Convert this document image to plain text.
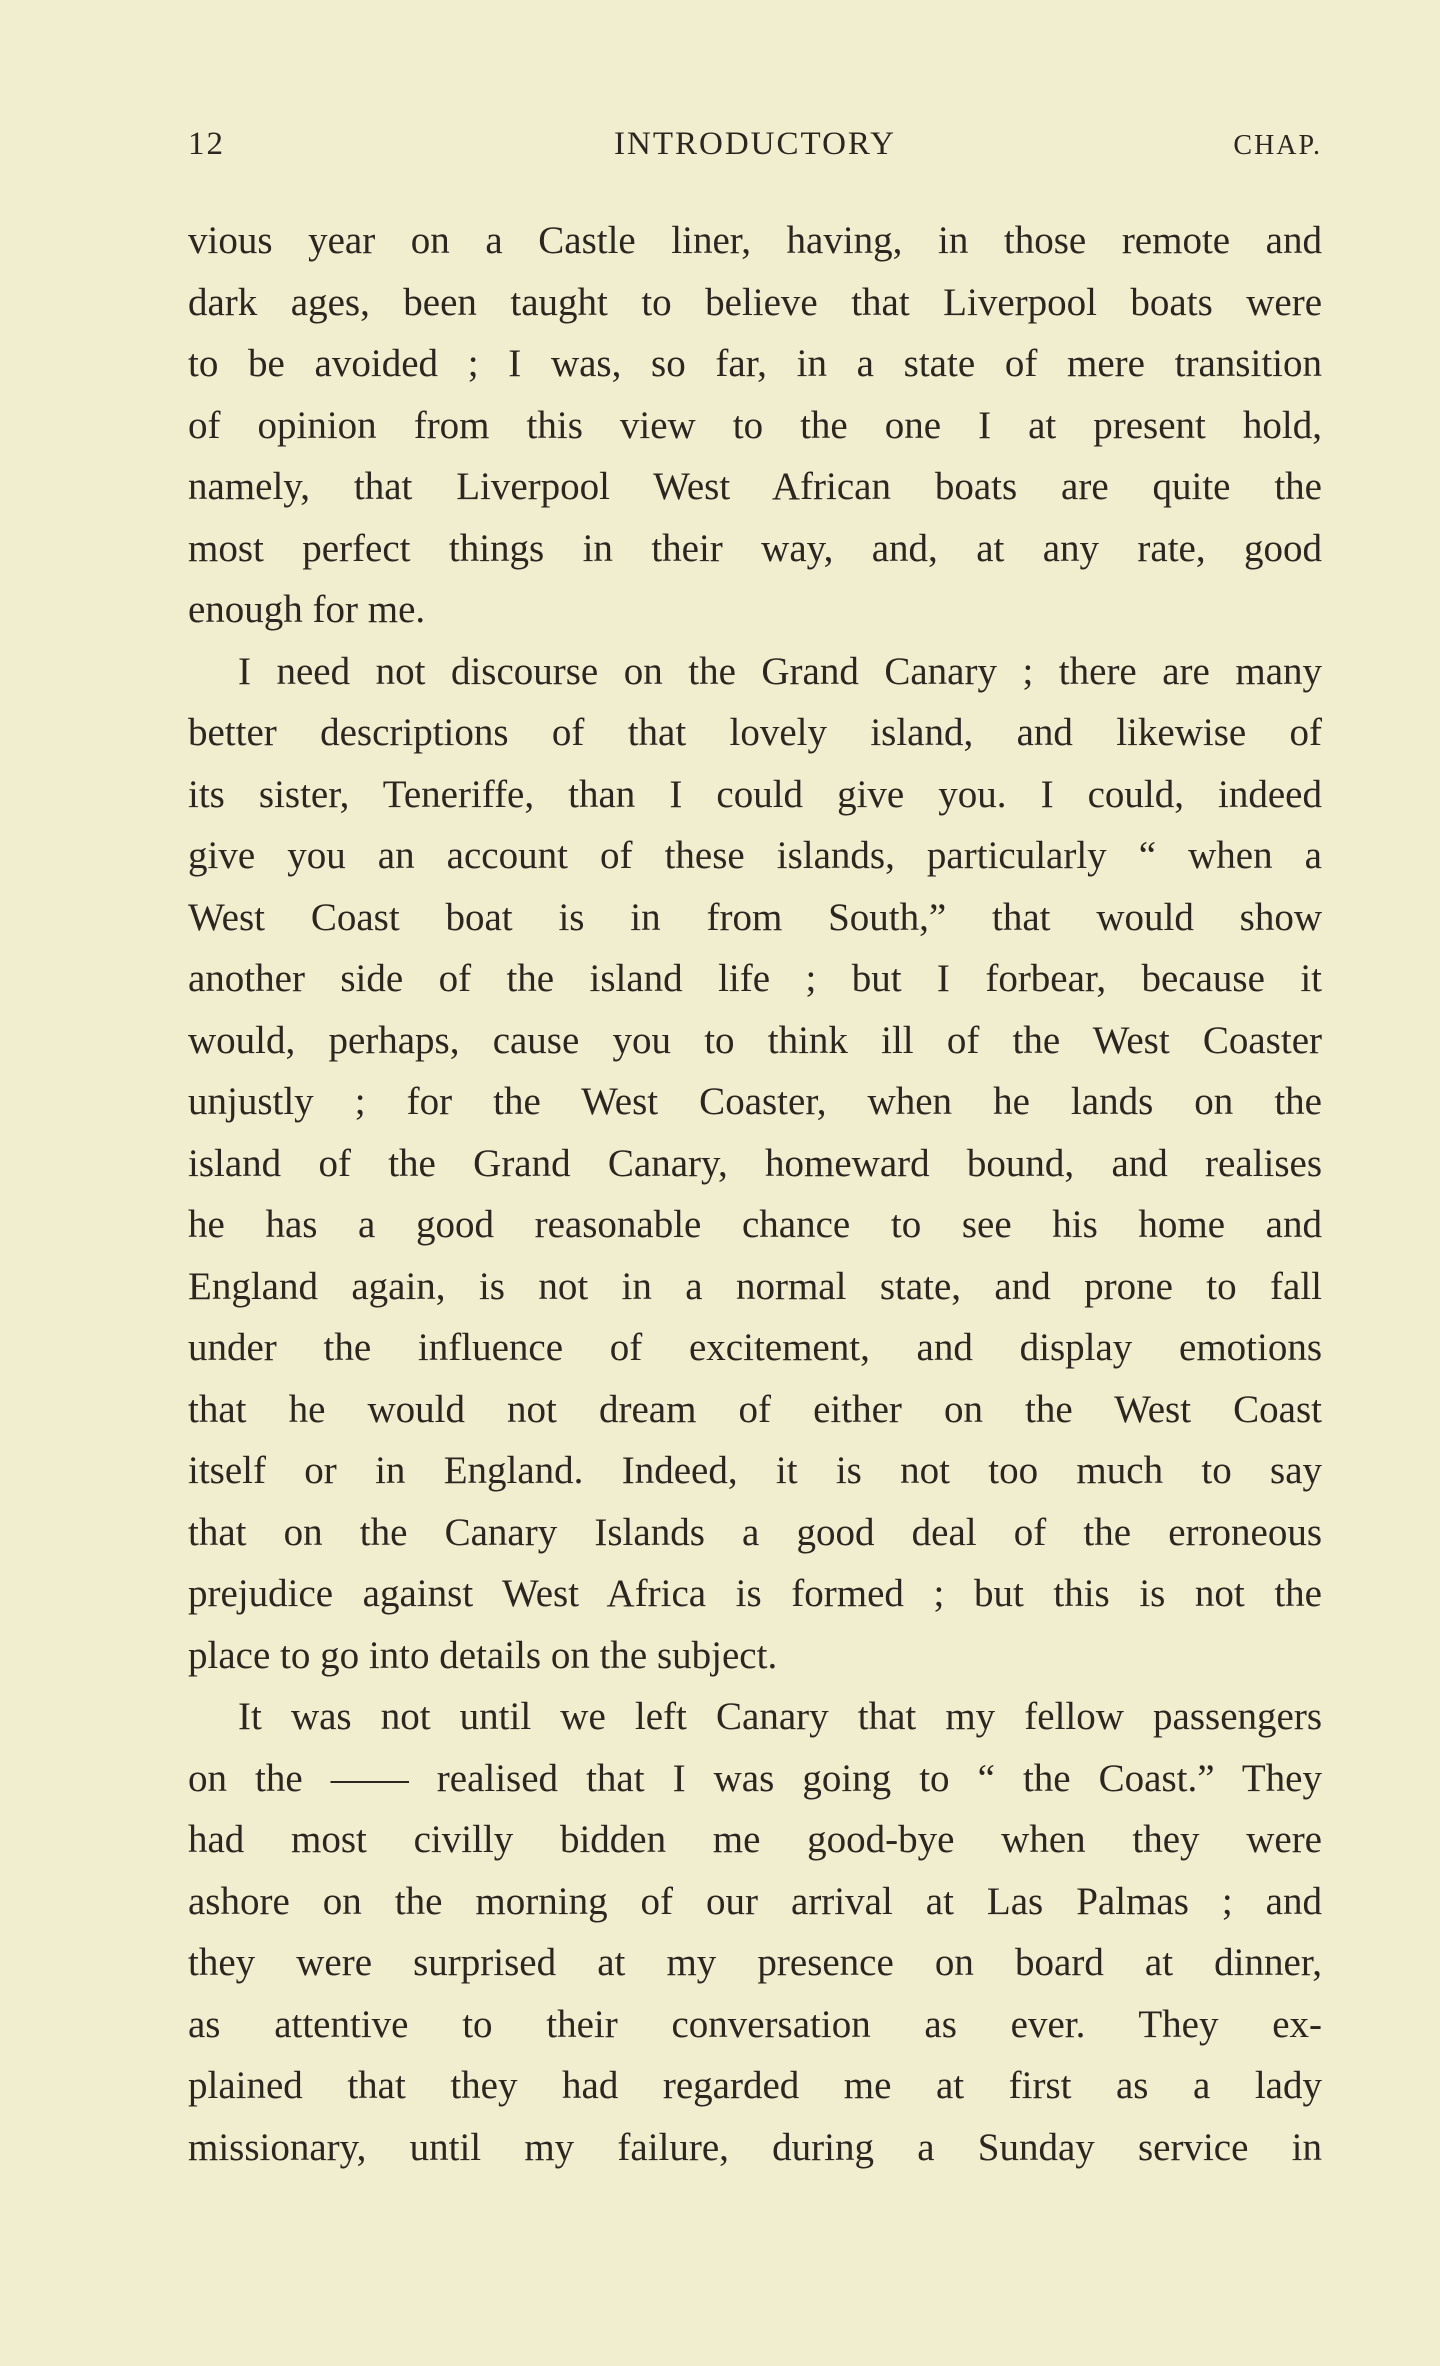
12	INTRODUCTORY	CHAP.
vious year on a Castle liner, having, in those remote and
dark ages, been taught to believe that Liverpool boats were
to be avoided ; I was, so far, in a state of mere transition
of opinion from this view to the one I at present hold,
namely, that Liverpool West African boats are quite the
most perfect things in their way, and, at any rate, good
enough for me.
I need not discourse on the Grand Canary ; there are many
better descriptions of that lovely island, and likewise of
its sister, Teneriffe, than I could give you. I could, indeed
give you an account of these islands, particularly “ when a
West Coast boat is in from South,” that would show
another side of the island life ; but I forbear, because it
would, perhaps, cause you to think ill of the West Coaster
unjustly ; for the West Coaster, when he lands on the
island of the Grand Canary, homeward bound, and realises
he has a good reasonable chance to see his home and
England again, is not in a normal state, and prone to fall
under the influence of excitement, and display emotions
that he would not dream of either on the West Coast
itself or in England. Indeed, it is not too much to say
that on the Canary Islands a good deal of the erroneous
prejudice against West Africa is formed ; but this is not the
place to go into details on the subject.
It was not until we left Canary that my fellow passengers
on the —— realised that I was going to “ the Coast.” They
had most civilly bidden me good-bye when they were
ashore on the morning of our arrival at Las Palmas ; and
they were surprised at my presence on board at dinner,
as attentive to their conversation as ever. They ex-
plained that they had regarded me at first as a lady
missionary, until my failure, during a Sunday service in
